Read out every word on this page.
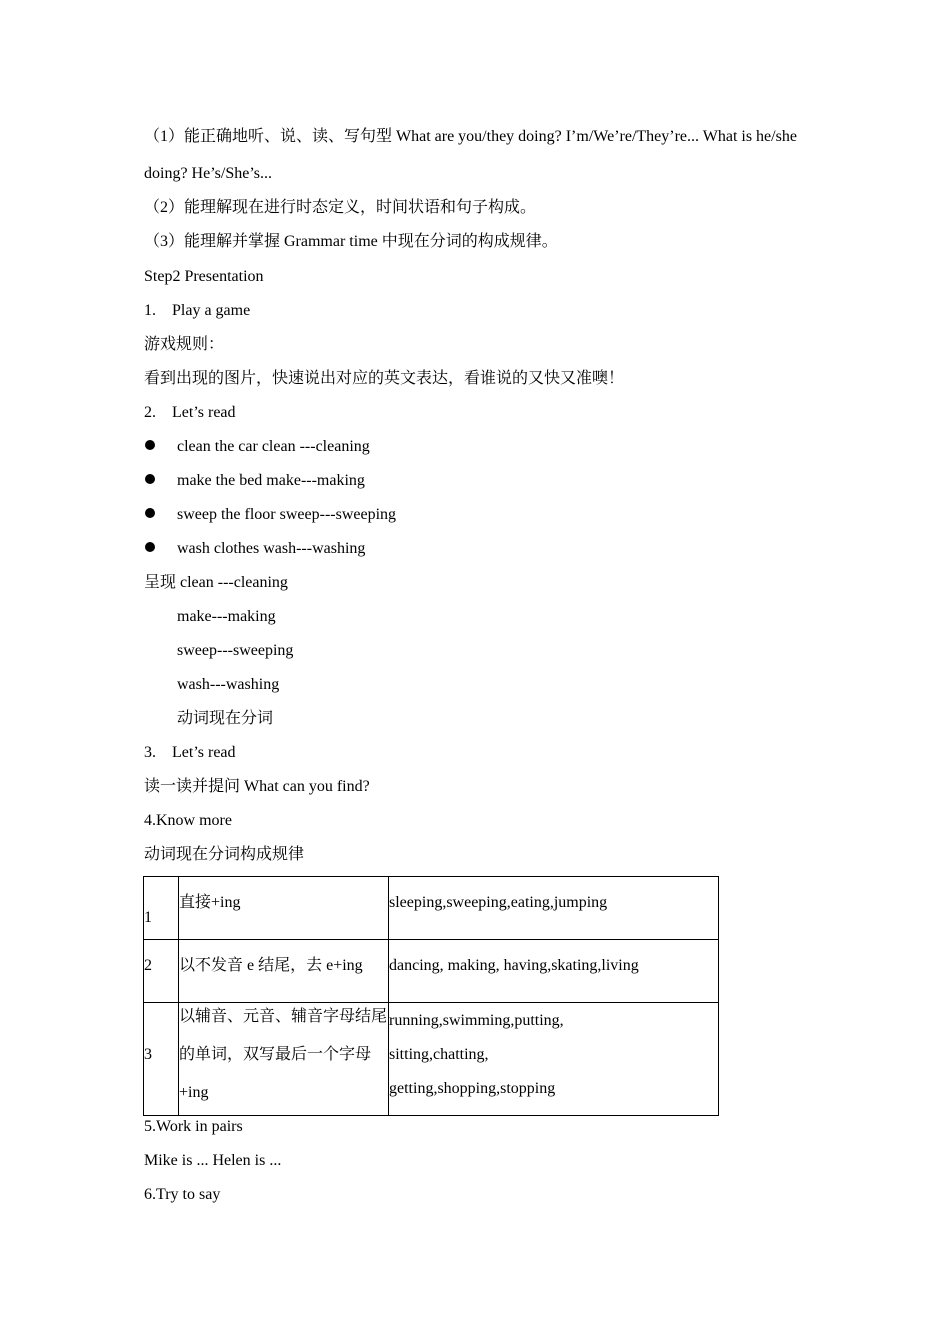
（1）能正确地听、说、读、写句型 What are you/they doing? I’m/We’re/They’re... What is he/she
doing? He’s/She’s...
（2）能理解现在进行时态定义，时间状语和句子构成。
（3）能理解并掌握 Grammar time 中现在分词的构成规律。
Step2 Presentation
1. Play a game
游戏规则：
看到出现的图片，快速说出对应的英文表达，看谁说的又快又准噢！
2. Let’s read
clean the car clean ---cleaning
make the bed make---making
sweep the floor sweep---sweeping
wash clothes wash---washing
呈现 clean ---cleaning
make---making
sweep---sweeping
wash---washing
动词现在分词
3. Let’s read
读一读并提问 What can you find?
4.Know more
动词现在分词构成规律
1	直接+ing	sleeping,sweeping,eating,jumping

2	以不发音 e 结尾，去 e+ing	dancing, making, having,skating,living

3	以辅音、元音、辅音字母结尾
的单词，双写最后一个字母
+ing	running,swimming,putting,
sitting,chatting,
getting,shopping,stopping
5.Work in pairs
Mike is ... Helen is ...
6.Try to say
